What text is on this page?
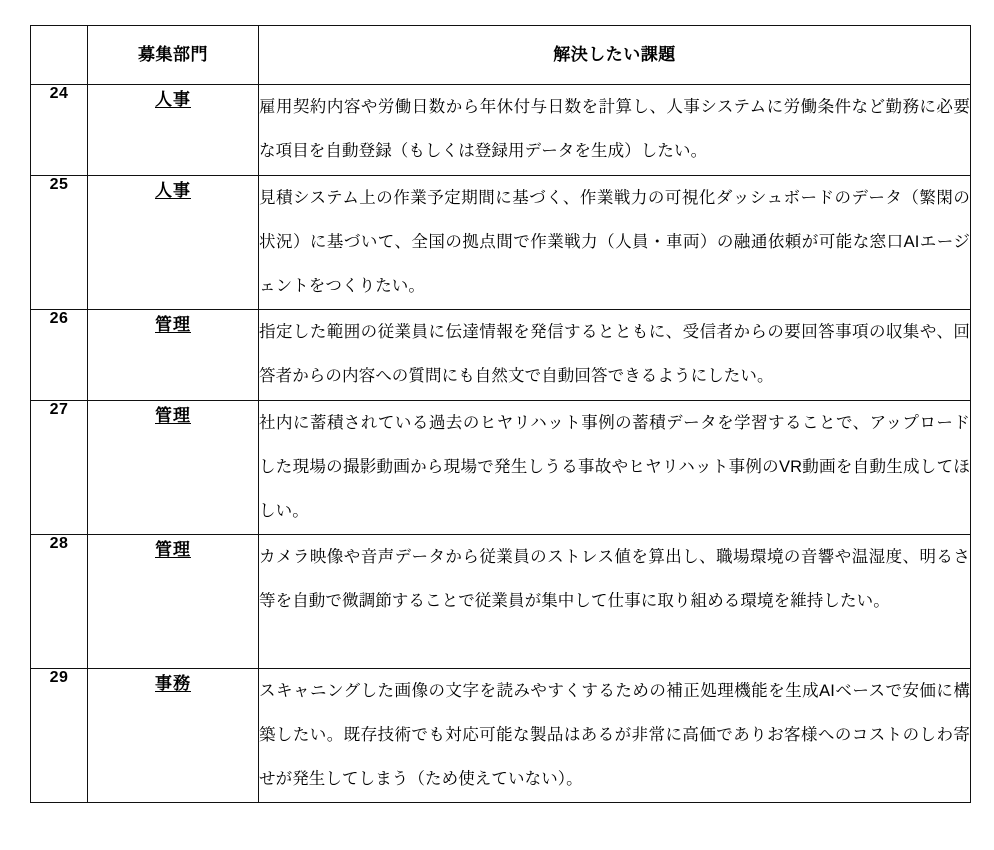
	募集部門	解決したい課題

24	人事	雇用契約内容や労働日数から年休付与日数を計算し、人事システムに労働条件など勤務に必要な項目を自動登録（もしくは登録用データを生成）したい。

25	人事	見積システム上の作業予定期間に基づく、作業戦力の可視化ダッシュボードのデータ（繁閑の状況）に基づいて、全国の拠点間で作業戦力（人員・車両）の融通依頼が可能な窓口AIエージェントをつくりたい。

26	管理	指定した範囲の従業員に伝達情報を発信するとともに、受信者からの要回答事項の収集や、回答者からの内容への質問にも自然文で自動回答できるようにしたい。

27	管理	社内に蓄積されている過去のヒヤリハット事例の蓄積データを学習することで、アップロードした現場の撮影動画から現場で発生しうる事故やヒヤリハット事例のVR動画を自動生成してほしい。

28	管理	カメラ映像や音声データから従業員のストレス値を算出し、職場環境の音響や温湿度、明るさ等を自動で微調節することで従業員が集中して仕事に取り組める環境を維持したい。

29	事務	スキャニングした画像の文字を読みやすくするための補正処理機能を生成AIベースで安価に構築したい。既存技術でも対応可能な製品はあるが非常に高価でありお客様へのコストのしわ寄せが発生してしまう（ため使えていない）。
